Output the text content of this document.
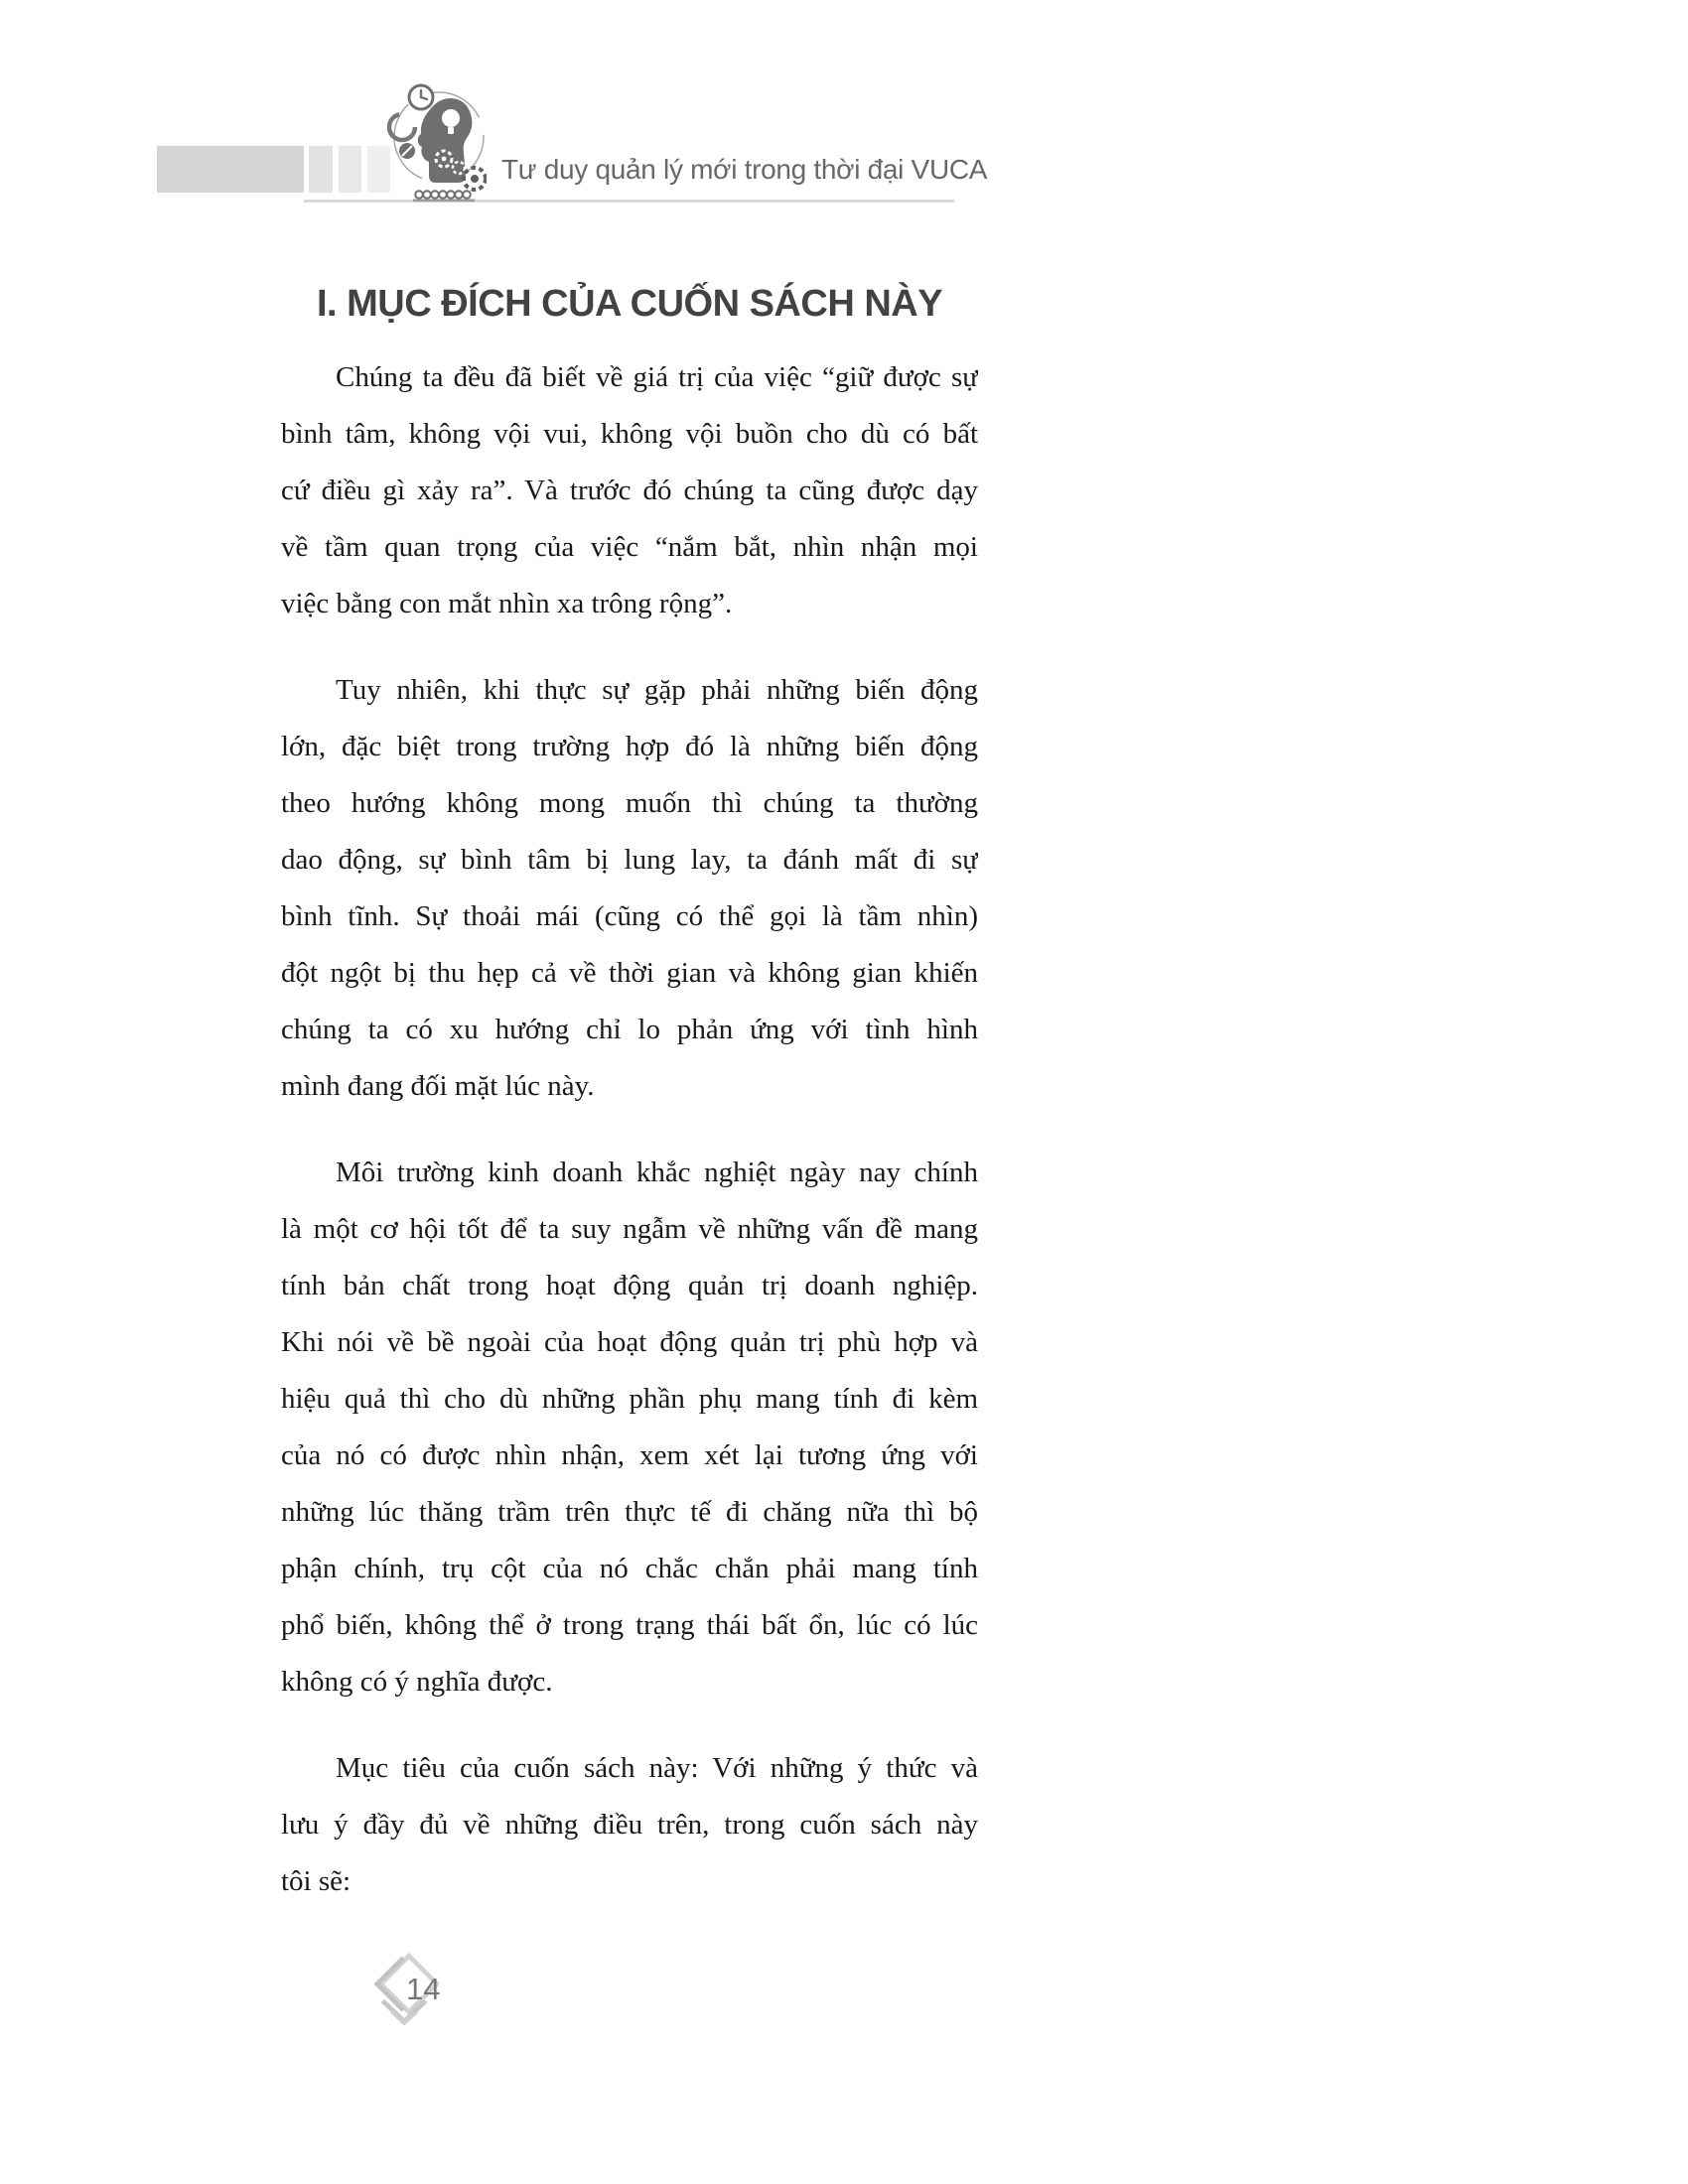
Tư duy quản lý mới trong thời đại VUCA
I. MỤC ĐÍCH CỦA CUỐN SÁCH NÀY
Chúng ta đều đã biết về giá trị của việc “giữ được sự
bình tâm, không vội vui, không vội buồn cho dù có bất
cứ điều gì xảy ra”. Và trước đó chúng ta cũng được dạy
về tầm quan trọng của việc “nắm bắt, nhìn nhận mọi
việc bằng con mắt nhìn xa trông rộng”.
Tuy nhiên, khi thực sự gặp phải những biến động
lớn, đặc biệt trong trường hợp đó là những biến động
theo hướng không mong muốn thì chúng ta thường
dao động, sự bình tâm bị lung lay, ta đánh mất đi sự
bình tĩnh. Sự thoải mái (cũng có thể gọi là tầm nhìn)
đột ngột bị thu hẹp cả về thời gian và không gian khiến
chúng ta có xu hướng chỉ lo phản ứng với tình hình
mình đang đối mặt lúc này.
Môi trường kinh doanh khắc nghiệt ngày nay chính
là một cơ hội tốt để ta suy ngẫm về những vấn đề mang
tính bản chất trong hoạt động quản trị doanh nghiệp.
Khi nói về bề ngoài của hoạt động quản trị phù hợp và
hiệu quả thì cho dù những phần phụ mang tính đi kèm
của nó có được nhìn nhận, xem xét lại tương ứng với
những lúc thăng trầm trên thực tế đi chăng nữa thì bộ
phận chính, trụ cột của nó chắc chắn phải mang tính
phổ biến, không thể ở trong trạng thái bất ổn, lúc có lúc
không có ý nghĩa được.
Mục tiêu của cuốn sách này: Với những ý thức và
lưu ý đầy đủ về những điều trên, trong cuốn sách này
tôi sẽ:
14
